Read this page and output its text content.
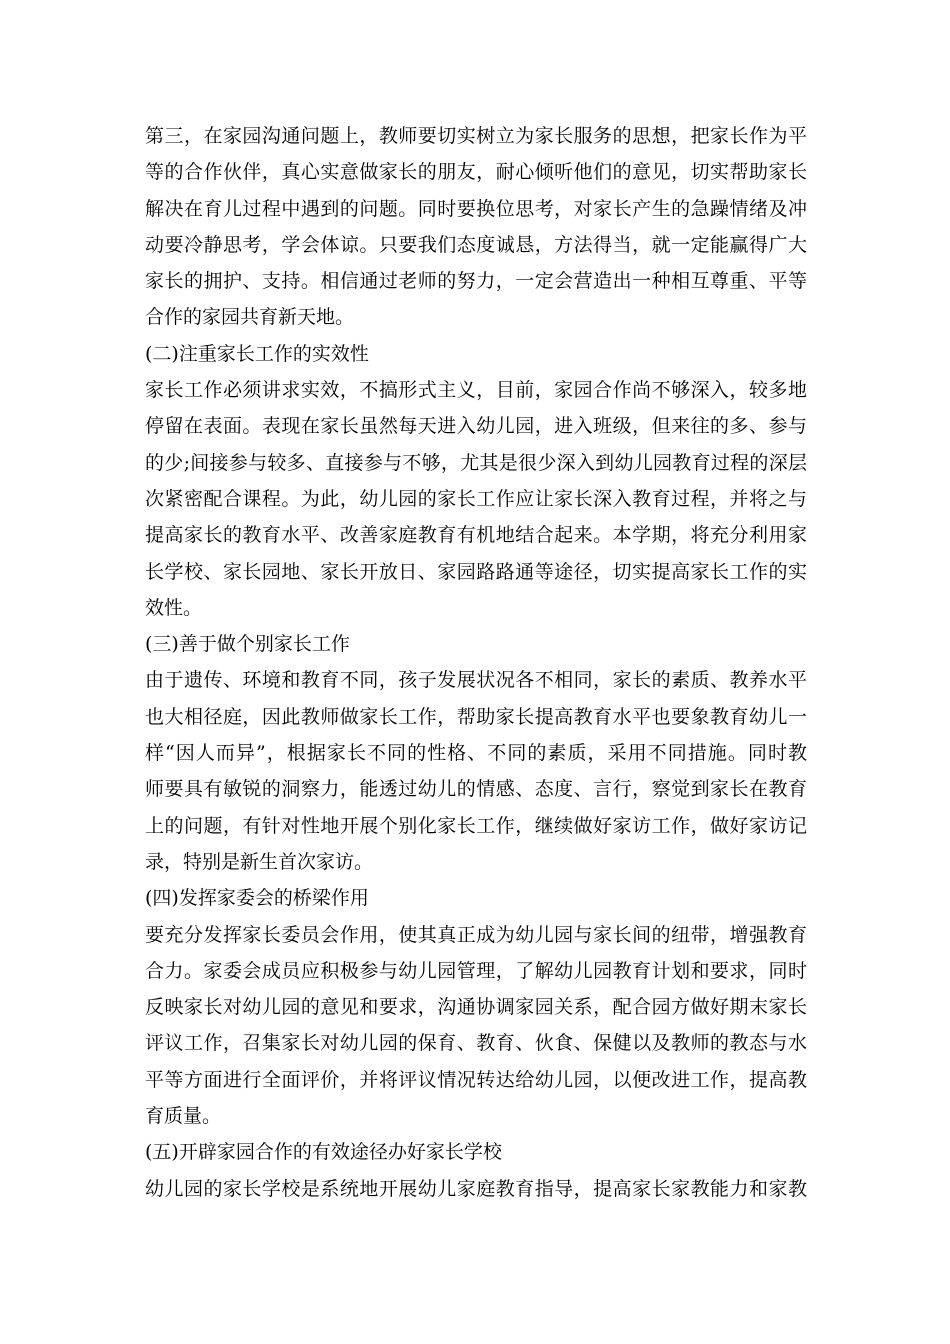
第三，在家园沟通问题上，教师要切实树立为家长服务的思想，把家长作为平
等的合作伙伴，真心实意做家长的朋友，耐心倾听他们的意见，切实帮助家长
解决在育儿过程中遇到的问题。同时要换位思考，对家长产生的急躁情绪及冲
动要冷静思考，学会体谅。只要我们态度诚恳，方法得当，就一定能赢得广大
家长的拥护、支持。相信通过老师的努力，一定会营造出一种相互尊重、平等
合作的家园共育新天地。
(二)注重家长工作的实效性
家长工作必须讲求实效，不搞形式主义，目前，家园合作尚不够深入，较多地
停留在表面。表现在家长虽然每天进入幼儿园，进入班级，但来往的多、参与
的少;间接参与较多、直接参与不够，尤其是很少深入到幼儿园教育过程的深层
次紧密配合课程。为此，幼儿园的家长工作应让家长深入教育过程，并将之与
提高家长的教育水平、改善家庭教育有机地结合起来。本学期，将充分利用家
长学校、家长园地、家长开放日、家园路路通等途径，切实提高家长工作的实
效性。
(三)善于做个别家长工作
由于遗传、环境和教育不同，孩子发展状况各不相同，家长的素质、教养水平
也大相径庭，因此教师做家长工作，帮助家长提高教育水平也要象教育幼儿一
样“因人而异”，根据家长不同的性格、不同的素质，采用不同措施。同时教
师要具有敏锐的洞察力，能透过幼儿的情感、态度、言行，察觉到家长在教育
上的问题，有针对性地开展个别化家长工作，继续做好家访工作，做好家访记
录，特别是新生首次家访。
(四)发挥家委会的桥梁作用
要充分发挥家长委员会作用，使其真正成为幼儿园与家长间的纽带，增强教育
合力。家委会成员应积极参与幼儿园管理，了解幼儿园教育计划和要求，同时
反映家长对幼儿园的意见和要求，沟通协调家园关系，配合园方做好期末家长
评议工作，召集家长对幼儿园的保育、教育、伙食、保健以及教师的教态与水
平等方面进行全面评价，并将评议情况转达给幼儿园，以便改进工作，提高教
育质量。
(五)开辟家园合作的有效途径办好家长学校
幼儿园的家长学校是系统地开展幼儿家庭教育指导，提高家长家教能力和家教
